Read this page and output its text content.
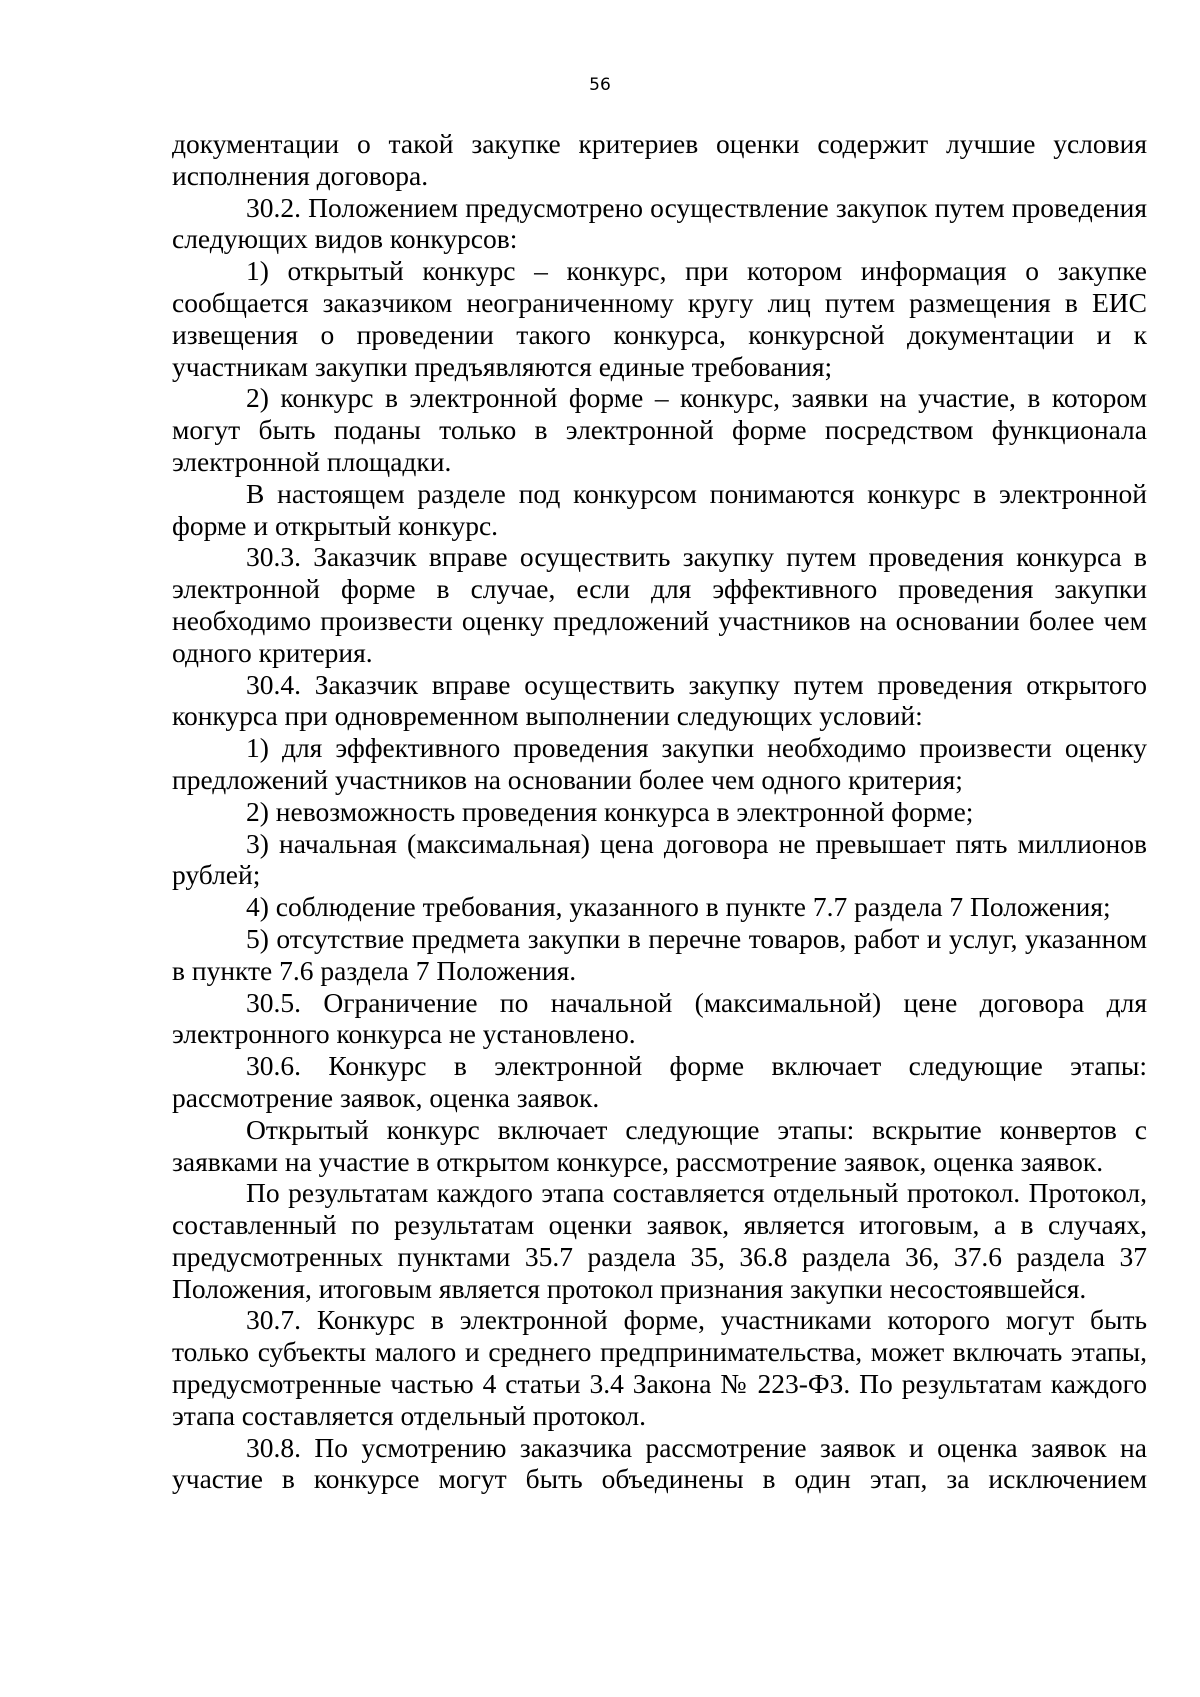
56

документации о такой закупке критериев оценки содержит лучшие условия исполнения договора.

30.2. Положением предусмотрено осуществление закупок путем проведения следующих видов конкурсов:

1) открытый конкурс – конкурс, при котором информация о закупке сообщается заказчиком неограниченному кругу лиц путем размещения в ЕИС извещения о проведении такого конкурса, конкурсной документации и к участникам закупки предъявляются единые требования;

2) конкурс в электронной форме – конкурс, заявки на участие, в котором могут быть поданы только в электронной форме посредством функционала электронной площадки.

В настоящем разделе под конкурсом понимаются конкурс в электронной форме и открытый конкурс.

30.3. Заказчик вправе осуществить закупку путем проведения конкурса в электронной форме в случае, если для эффективного проведения закупки необходимо произвести оценку предложений участников на основании более чем одного критерия.

30.4. Заказчик вправе осуществить закупку путем проведения открытого конкурса при одновременном выполнении следующих условий:

1) для эффективного проведения закупки необходимо произвести оценку предложений участников на основании более чем одного критерия;

2) невозможность проведения конкурса в электронной форме;

3) начальная (максимальная) цена договора не превышает пять миллионов рублей;

4) соблюдение требования, указанного в пункте 7.7 раздела 7 Положения;

5) отсутствие предмета закупки в перечне товаров, работ и услуг, указанном в пункте 7.6 раздела 7 Положения.

30.5. Ограничение по начальной (максимальной) цене договора для электронного конкурса не установлено.

30.6. Конкурс в электронной форме включает следующие этапы: рассмотрение заявок, оценка заявок.

Открытый конкурс включает следующие этапы: вскрытие конвертов с заявками на участие в открытом конкурсе, рассмотрение заявок, оценка заявок.

По результатам каждого этапа составляется отдельный протокол. Протокол, составленный по результатам оценки заявок, является итоговым, а в случаях, предусмотренных пунктами 35.7 раздела 35, 36.8 раздела 36, 37.6 раздела 37 Положения, итоговым является протокол признания закупки несостоявшейся.

30.7. Конкурс в электронной форме, участниками которого могут быть только субъекты малого и среднего предпринимательства, может включать этапы, предусмотренные частью 4 статьи 3.4 Закона № 223-ФЗ. По результатам каждого этапа составляется отдельный протокол.

30.8. По усмотрению заказчика рассмотрение заявок и оценка заявок на участие в конкурсе могут быть объединены в один этап, за исключением
